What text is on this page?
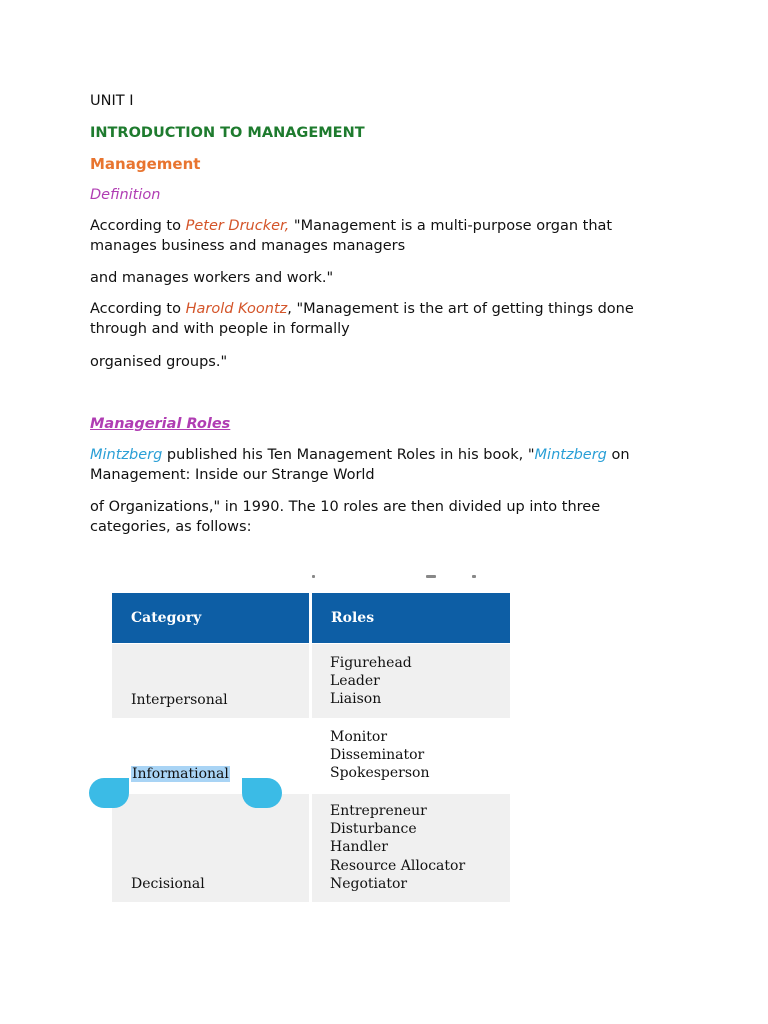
UNIT I

INTRODUCTION TO MANAGEMENT

Management

Definition

According to Peter Drucker, "Management is a multi-purpose organ that manages business and manages managers

and manages workers and work."

According to Harold Koontz, "Management is the art of getting things done through and with people in formally

organised groups."

Managerial Roles

Mintzberg published his Ten Management Roles in his book, "Mintzberg on Management: Inside our Strange World

of Organizations," in 1990. The 10 roles are then divided up into three categories, as follows:

Category	Roles
Interpersonal
Figurehead
Leader
Liaison
Informational
Monitor
Disseminator
Spokesperson
Decisional
Entrepreneur
Disturbance
Handler
Resource Allocator
Negotiator
